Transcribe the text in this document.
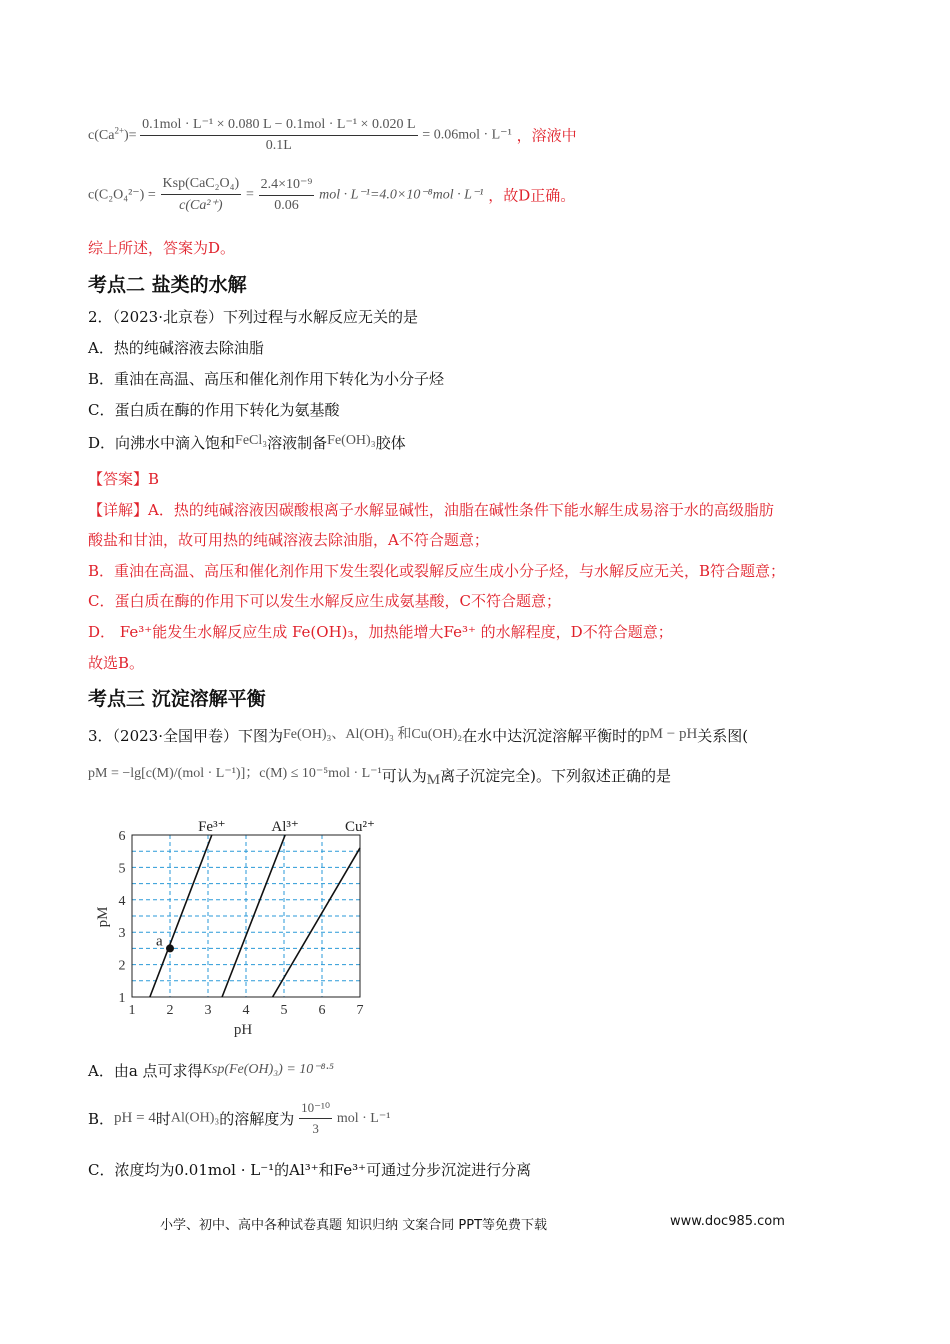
$c(Ca^{2+})= \frac{\text{0.1mol · L⁻¹ × 0.080 L − 0.1mol · L⁻¹ × 0.020 L}}{0.1L} = 0.06mol \cdot L^{-1}$ ，溶液中
$c(C_2O_4^{2-}) = \frac{\text{Ksp(CaC₂O₄)}}{\text{c(Ca²⁺)}} = \frac{\text{2.4×10⁻⁹}}{0.06}$ mol · L⁻¹=4.0×10⁻⁸mol · L⁻¹ ，故D正确。
综上所述，答案为D。
考点二 盐类的水解
2．（2023·北京卷）下列过程与水解反应无关的是
A．热的纯碱溶液去除油脂
B．重油在高温、高压和催化剂作用下转化为小分子烃
C．蛋白质在酶的作用下转化为氨基酸
D．向沸水中滴入饱和FeCl₃溶液制备Fe(OH)₃胶体
【答案】B
【详解】A．热的纯碱溶液因碳酸根离子水解显碱性，油脂在碱性条件下能水解生成易溶于水的高级脂肪
酸盐和甘油，故可用热的纯碱溶液去除油脂，A不符合题意；
B．重油在高温、高压和催化剂作用下发生裂化或裂解反应生成小分子烃，与水解反应无关，B符合题意；
C．蛋白质在酶的作用下可以发生水解反应生成氨基酸，C不符合题意；
D． Fe³⁺能发生水解反应生成 Fe(OH)₃，加热能增大Fe³⁺ 的水解程度，D不符合题意；
故选B。
考点三 沉淀溶解平衡
3．（2023·全国甲卷）下图为Fe(OH)₃、Al(OH)₃ 和Cu(OH)₂在水中达沉淀溶解平衡时的pM − pH关系图(
pM = −lg[c(M)/(mol · L⁻¹)]；c(M) ≤ 10⁻⁵mol · L⁻¹可认为M离子沉淀完全)。下列叙述正确的是
1 2 3 4 5 6 7
1
2
3
4
5
6
Fe³⁺	Al³⁺	Cu²⁺
pH
pM
a
A．由a 点可求得Ksp(Fe(OH)₃) = 10⁻⁸·⁵
B．pH = 4时Al(OH)₃的溶解度为 $\frac{\text{10⁻¹⁰}}{3}$ mol · L⁻¹
C．浓度均为0.01mol · L⁻¹的Al³⁺和Fe³⁺可通过分步沉淀进行分离
小学、初中、高中各种试卷真题 知识归纳 文案合同 PPT等免费下载	www.doc985.com
